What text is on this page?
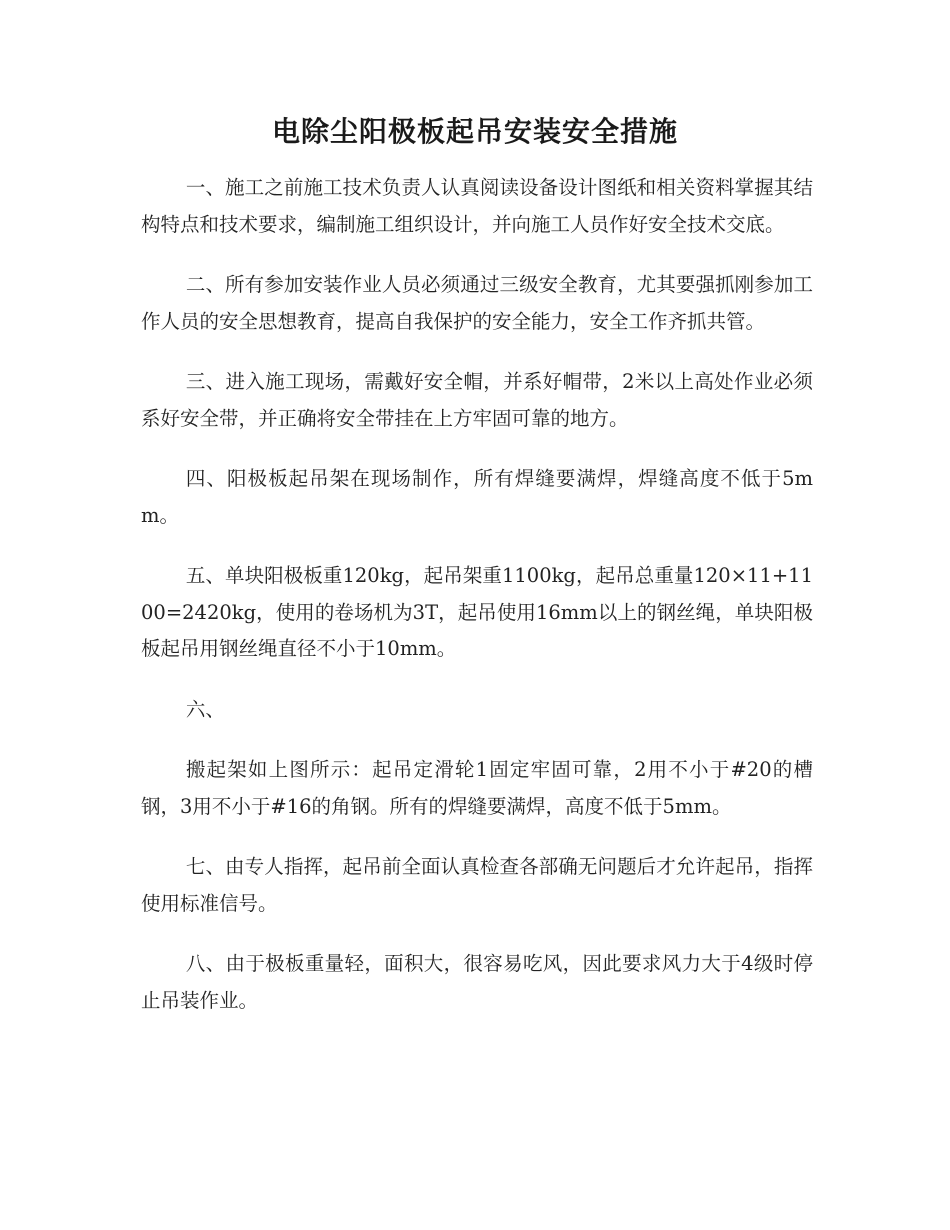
电除尘阳极板起吊安装安全措施

一、施工之前施工技术负责人认真阅读设备设计图纸和相关资料掌握其结构特点和技术要求，编制施工组织设计，并向施工人员作好安全技术交底。

二、所有参加安装作业人员必须通过三级安全教育，尤其要强抓刚参加工作人员的安全思想教育，提高自我保护的安全能力，安全工作齐抓共管。

三、进入施工现场，需戴好安全帽，并系好帽带，2米以上高处作业必须系好安全带，并正确将安全带挂在上方牢固可靠的地方。

四、阳极板起吊架在现场制作，所有焊缝要满焊，焊缝高度不低于5mm。

五、单块阳极板重120kg，起吊架重1100kg，起吊总重量120×11+1100=2420kg，使用的卷场机为3T，起吊使用16mm以上的钢丝绳，单块阳极板起吊用钢丝绳直径不小于10mm。

六、

搬起架如上图所示：起吊定滑轮1固定牢固可靠，2用不小于#20的槽钢，3用不小于#16的角钢。所有的焊缝要满焊，高度不低于5mm。

七、由专人指挥，起吊前全面认真检查各部确无问题后才允许起吊，指挥使用标准信号。

八、由于极板重量轻，面积大，很容易吃风，因此要求风力大于4级时停止吊装作业。
